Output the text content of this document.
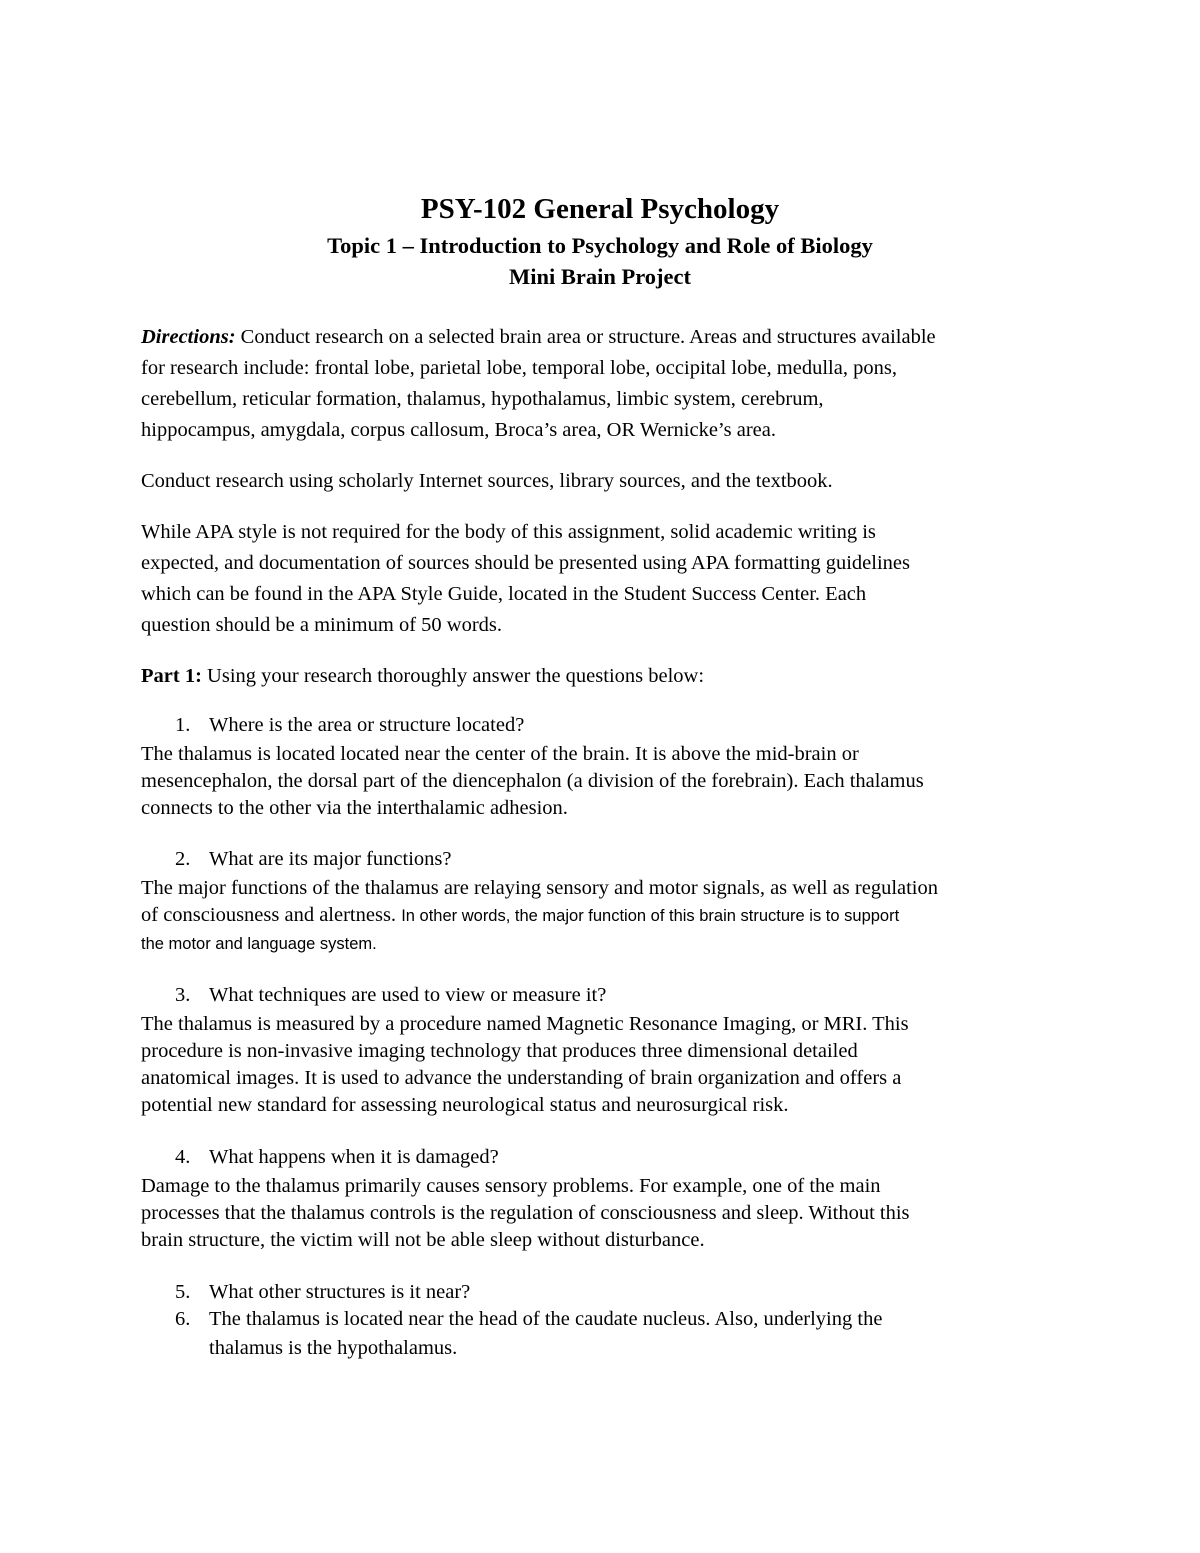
PSY-102 General Psychology
Topic 1 – Introduction to Psychology and Role of Biology
Mini Brain Project
Directions: Conduct research on a selected brain area or structure. Areas and structures available
for research include: frontal lobe, parietal lobe, temporal lobe, occipital lobe, medulla, pons,
cerebellum, reticular formation, thalamus, hypothalamus, limbic system, cerebrum,
hippocampus, amygdala, corpus callosum, Broca’s area, OR Wernicke’s area.
Conduct research using scholarly Internet sources, library sources, and the textbook.
While APA style is not required for the body of this assignment, solid academic writing is
expected, and documentation of sources should be presented using APA formatting guidelines
which can be found in the APA Style Guide, located in the Student Success Center. Each
question should be a minimum of 50 words.
Part 1: Using your research thoroughly answer the questions below:
1. Where is the area or structure located?
The thalamus is located located near the center of the brain. It is above the mid-brain or
mesencephalon, the dorsal part of the diencephalon (a division of the forebrain). Each thalamus
connects to the other via the interthalamic adhesion.
2. What are its major functions?
The major functions of the thalamus are relaying sensory and motor signals, as well as regulation
of consciousness and alertness. In other words, the major function of this brain structure is to support
the motor and language system.
3. What techniques are used to view or measure it?
The thalamus is measured by a procedure named Magnetic Resonance Imaging, or MRI. This
procedure is non-invasive imaging technology that produces three dimensional detailed
anatomical images. It is used to advance the understanding of brain organization and offers a
potential new standard for assessing neurological status and neurosurgical risk.
4. What happens when it is damaged?
Damage to the thalamus primarily causes sensory problems. For example, one of the main
processes that the thalamus controls is the regulation of consciousness and sleep. Without this
brain structure, the victim will not be able sleep without disturbance.
5. What other structures is it near?
6. The thalamus is located near the head of the caudate nucleus. Also, underlying the
thalamus is the hypothalamus.
